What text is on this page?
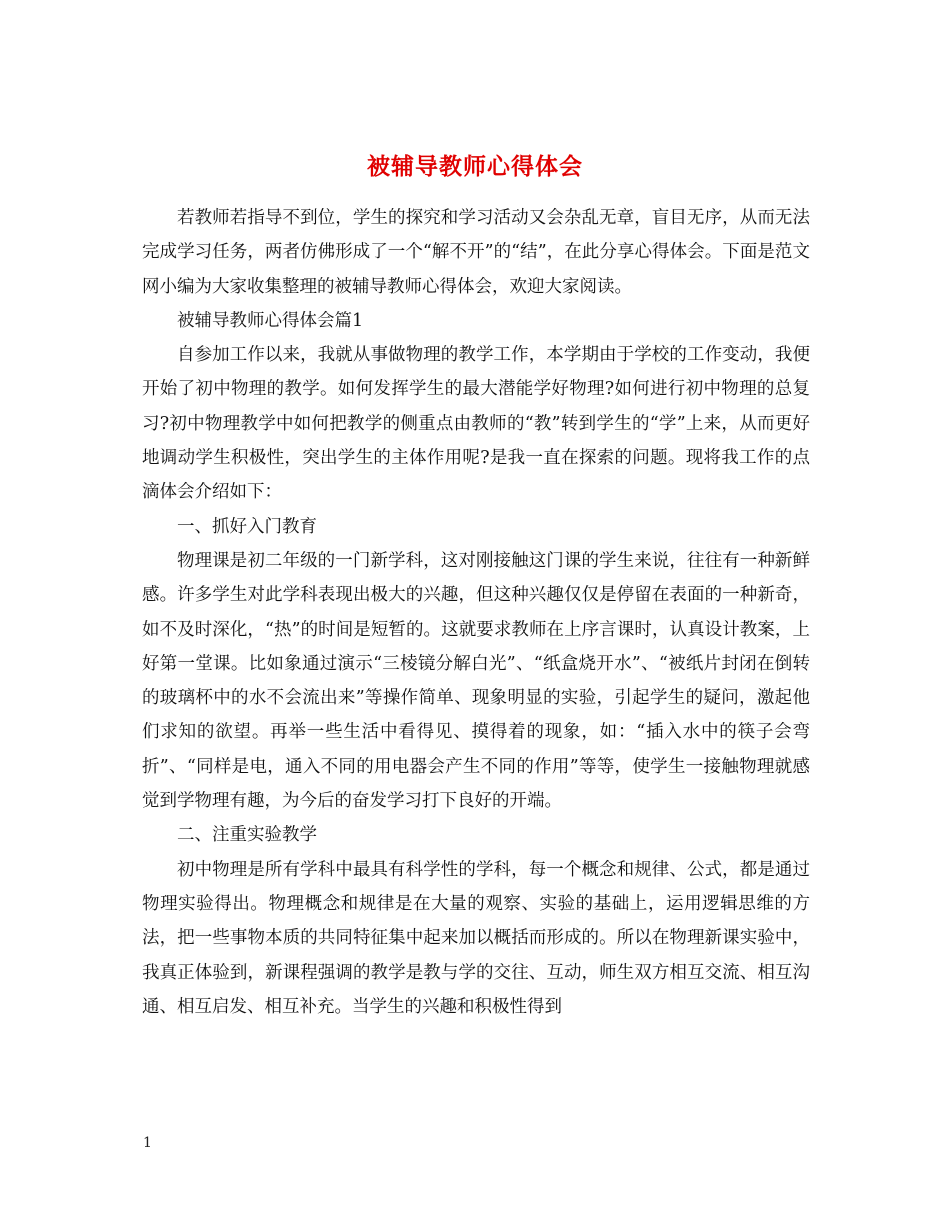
被辅导教师心得体会

若教师若指导不到位，学生的探究和学习活动又会杂乱无章，盲目无序，从而无法完成学习任务，两者仿佛形成了一个“解不开”的“结”，在此分享心得体会。下面是范文网小编为大家收集整理的被辅导教师心得体会，欢迎大家阅读。

被辅导教师心得体会篇1

自参加工作以来，我就从事做物理的教学工作，本学期由于学校的工作变动，我便开始了初中物理的教学。如何发挥学生的最大潜能学好物理?如何进行初中物理的总复习?初中物理教学中如何把教学的侧重点由教师的“教”转到学生的“学”上来，从而更好地调动学生积极性，突出学生的主体作用呢?是我一直在探索的问题。现将我工作的点滴体会介绍如下：

一、抓好入门教育

物理课是初二年级的一门新学科，这对刚接触这门课的学生来说，往往有一种新鲜感。许多学生对此学科表现出极大的兴趣，但这种兴趣仅仅是停留在表面的一种新奇，如不及时深化，“热”的时间是短暂的。这就要求教师在上序言课时，认真设计教案，上好第一堂课。比如象通过演示“三棱镜分解白光”、“纸盒烧开水”、“被纸片封闭在倒转的玻璃杯中的水不会流出来”等操作简单、现象明显的实验，引起学生的疑问，激起他们求知的欲望。再举一些生活中看得见、摸得着的现象，如：“插入水中的筷子会弯折”、“同样是电，通入不同的用电器会产生不同的作用”等等，使学生一接触物理就感觉到学物理有趣，为今后的奋发学习打下良好的开端。

二、注重实验教学

初中物理是所有学科中最具有科学性的学科，每一个概念和规律、公式，都是通过物理实验得出。物理概念和规律是在大量的观察、实验的基础上，运用逻辑思维的方法，把一些事物本质的共同特征集中起来加以概括而形成的。所以在物理新课实验中，我真正体验到，新课程强调的教学是教与学的交往、互动，师生双方相互交流、相互沟通、相互启发、相互补充。当学生的兴趣和积极性得到

1
